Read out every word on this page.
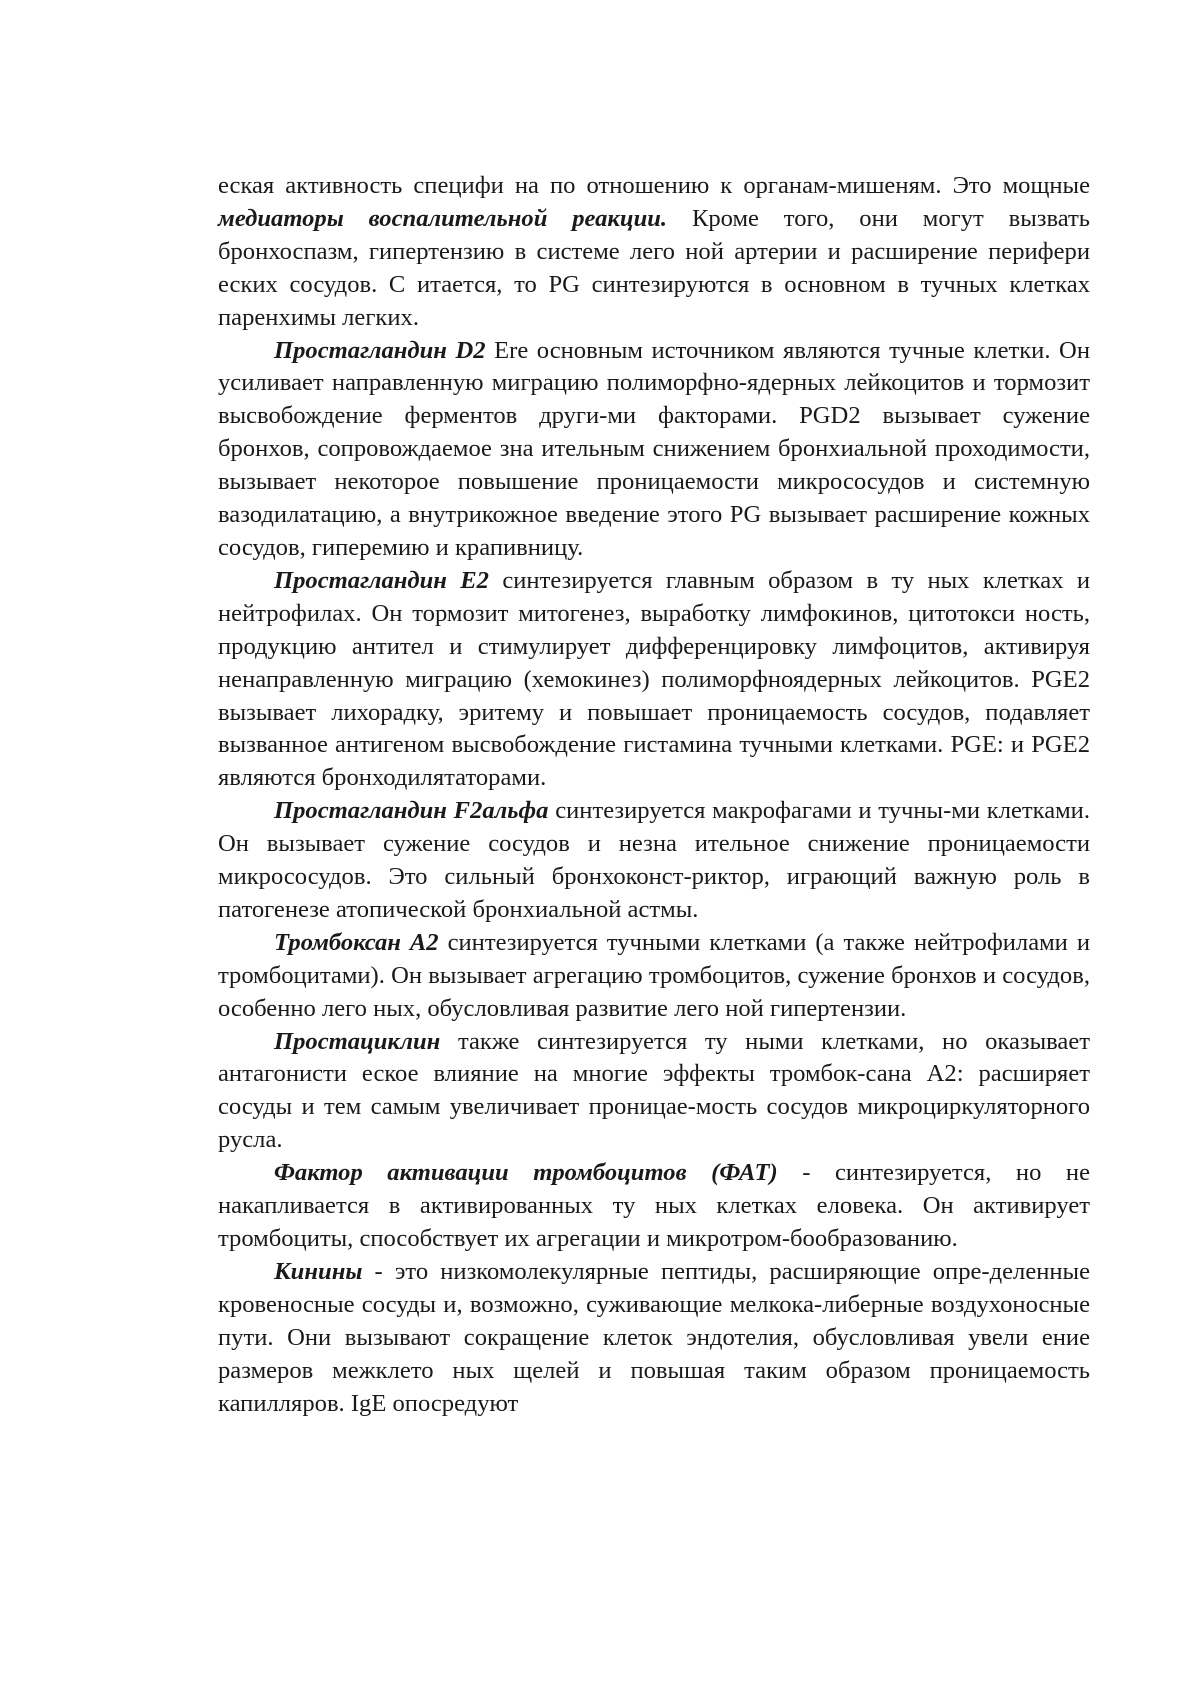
еская активность специфи на по отношению к органам-мишеням. Это мощные медиаторы воспалительной реакции. Кроме того, они могут вызвать бронхоспазм, гипертензию в системе лего ной артерии и расширение перифери еских сосудов. С итается, то PG синтезируются в основном в тучных клетках паренхимы легких.

Простагландин D2 Ere основным источником являются тучные клетки. Он усиливает направленную миграцию полиморфно-ядерных лейкоцитов и тормозит высвобождение ферментов други-ми факторами. PGD2 вызывает сужение бронхов, сопровождаемое зна ительным снижением бронхиальной проходимости, вызывает некоторое повышение проницаемости микрососудов и системную вазодилатацию, а внутрикожное введение этого PG вызывает расширение кожных сосудов, гиперемию и крапивницу.

Простагландин E2 синтезируется главным образом в ту ных клетках и нейтрофилах. Он тормозит митогенез, выработку лимфокинов, цитотокси ность, продукцию антител и стимулирует дифференцировку лимфоцитов, активируя ненаправленную миграцию (хемокинез) полиморфноядерных лейкоцитов. PGE2 вызывает лихорадку, эритему и повышает проницаемость сосудов, подавляет вызванное антигеном высвобождение гистамина тучными клетками. PGE: и PGE2 являются бронходилятаторами.

Простагландин F2альфа синтезируется макрофагами и тучны-ми клетками. Он вызывает сужение сосудов и незна ительное снижение проницаемости микрососудов. Это сильный бронхоконст-риктор, играющий важную роль в патогенезе атопической бронхиальной астмы.

Тромбоксан A2 синтезируется тучными клетками (а также нейтрофилами и тромбоцитами). Он вызывает агрегацию тромбоцитов, сужение бронхов и сосудов, особенно лего ных, обусловливая развитие лего ной гипертензии.

Простациклин также синтезируется ту ными клетками, но оказывает антагонисти еское влияние на многие эффекты тромбок-сана A2: расширяет сосуды и тем самым увеличивает проницае-мость сосудов микроциркуляторного русла.

Фактор активации тромбоцитов (ФАТ) - синтезируется, но не накапливается в активированных ту ных клетках еловека. Он активирует тромбоциты, способствует их агрегации и микротром-бообразованию.

Кинины - это низкомолекулярные пептиды, расширяющие опре-деленные кровеносные сосуды и, возможно, суживающие мелкока-либерные воздухоносные пути. Они вызывают сокращение клеток эндотелия, обусловливая увели ение размеров межклето ных щелей и повышая таким образом проницаемость капилляров. IgE опосредуют
